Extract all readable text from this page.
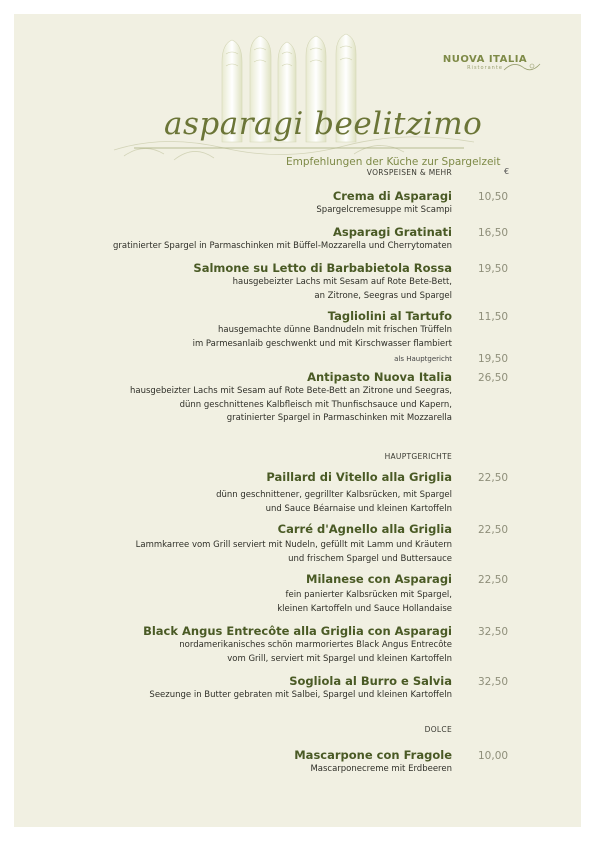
NUOVA ITALIA
Ristorante
asparagi beelitzimo
Empfehlungen der Küche zur Spargelzeit
VORSPEISEN & MEHR	€
Crema di Asparagi 10,50
Spargelcremesuppe mit Scampi
Asparagi Gratinati 16,50
gratinierter Spargel in Parmaschinken mit Büffel-Mozzarella und Cherrytomaten
Salmone su Letto di Barbabietola Rossa 19,50
hausgebeizter Lachs mit Sesam auf Rote Bete-Bett,
an Zitrone, Seegras und Spargel
Tagliolini al Tartufo 11,50
hausgemachte dünne Bandnudeln mit frischen Trüffeln
im Parmesanlaib geschwenkt und mit Kirschwasser flambiert
als Hauptgericht 19,50
Antipasto Nuova Italia 26,50
hausgebeizter Lachs mit Sesam auf Rote Bete-Bett an Zitrone und Seegras,
dünn geschnittenes Kalbfleisch mit Thunfischsauce und Kapern,
gratinierter Spargel in Parmaschinken mit Mozzarella
HAUPTGERICHTE
Paillard di Vitello alla Griglia 22,50
dünn geschnittener, gegrillter Kalbsrücken, mit Spargel
und Sauce Béarnaise und kleinen Kartoffeln
Carré d'Agnello alla Griglia 22,50
Lammkarree vom Grill serviert mit Nudeln, gefüllt mit Lamm und Kräutern
und frischem Spargel und Buttersauce
Milanese con Asparagi 22,50
fein panierter Kalbsrücken mit Spargel,
kleinen Kartoffeln und Sauce Hollandaise
Black Angus Entrecôte alla Griglia con Asparagi 32,50
nordamerikanisches schön marmoriertes Black Angus Entrecôte
vom Grill, serviert mit Spargel und kleinen Kartoffeln
Sogliola al Burro e Salvia 32,50
Seezunge in Butter gebraten mit Salbei, Spargel und kleinen Kartoffeln
DOLCE
Mascarpone con Fragole 10,00
Mascarponecreme mit Erdbeeren
